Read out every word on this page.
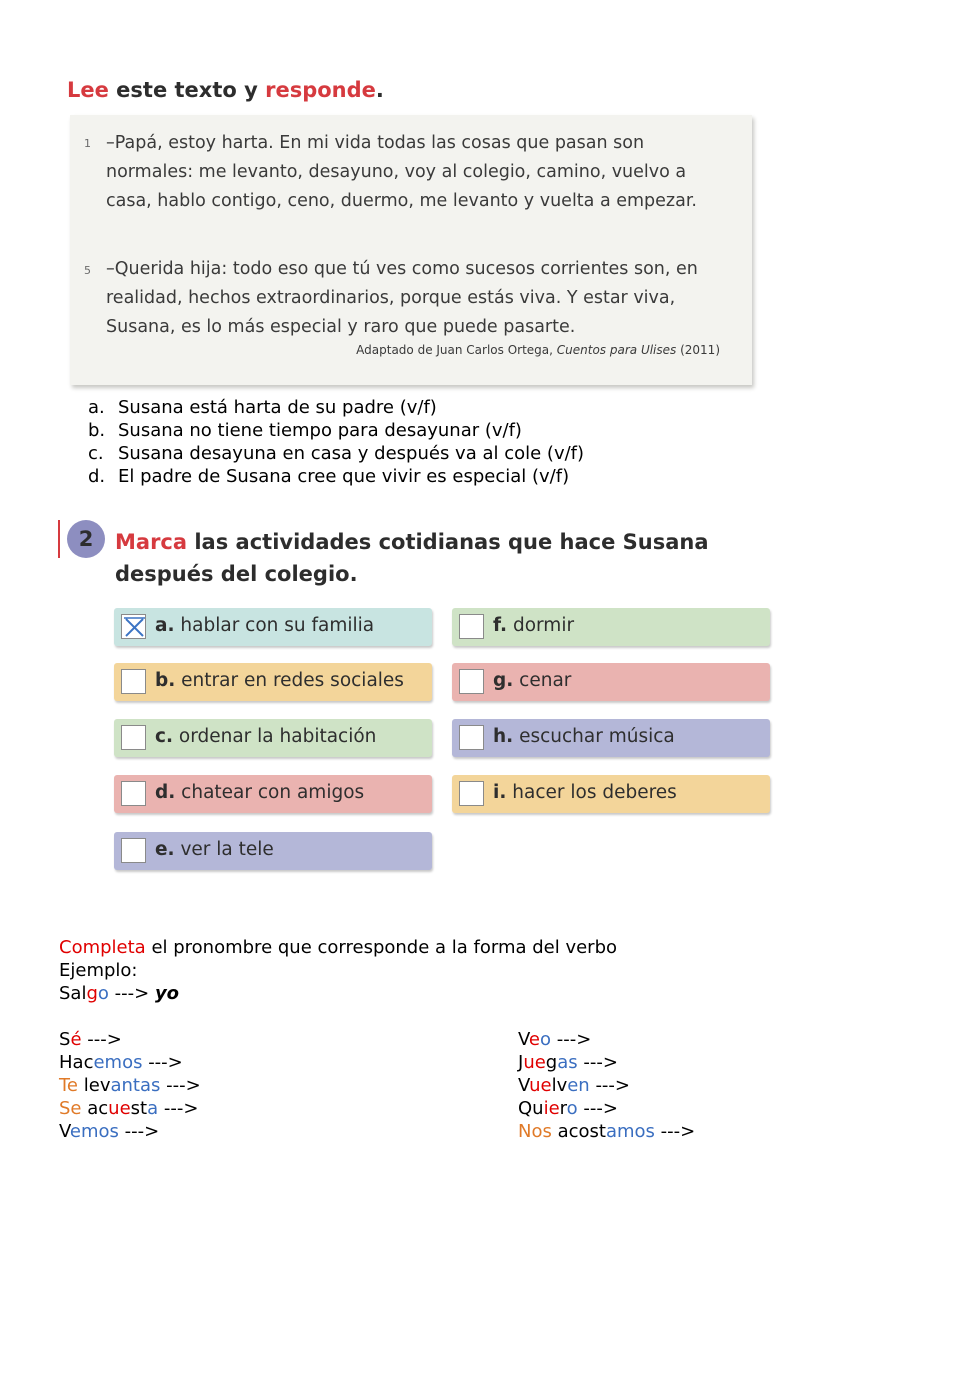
Lee este texto y responde.
1 –Papá, estoy harta. En mi vida todas las cosas que pasan son normales: me levanto, desayuno, voy al colegio, camino, vuelvo a casa, hablo contigo, ceno, duermo, me levanto y vuelta a empezar.
5 –Querida hija: todo eso que tú ves como sucesos corrientes son, en realidad, hechos extraordinarios, porque estás viva. Y estar viva, Susana, es lo más especial y raro que puede pasarte.
Adaptado de Juan Carlos Ortega, Cuentos para Ulises (2011)
a. Susana está harta de su padre (v/f)
b. Susana no tiene tiempo para desayunar (v/f)
c. Susana desayuna en casa y después va al cole (v/f)
d. El padre de Susana cree que vivir es especial (v/f)
2	Marca las actividades cotidianas que hace Susana después del colegio.
a. hablar con su familia
b. entrar en redes sociales
c. ordenar la habitación
d. chatear con amigos
e. ver la tele
f. dormir
g. cenar
h. escuchar música
i. hacer los deberes
Completa el pronombre que corresponde a la forma del verbo
Ejemplo:
Salgo ---> yo
Sé --->
Hacemos --->
Te levantas --->
Se acuesta --->
Vemos --->
Veo --->
Juegas --->
Vuelven --->
Quiero --->
Nos acostamos --->
